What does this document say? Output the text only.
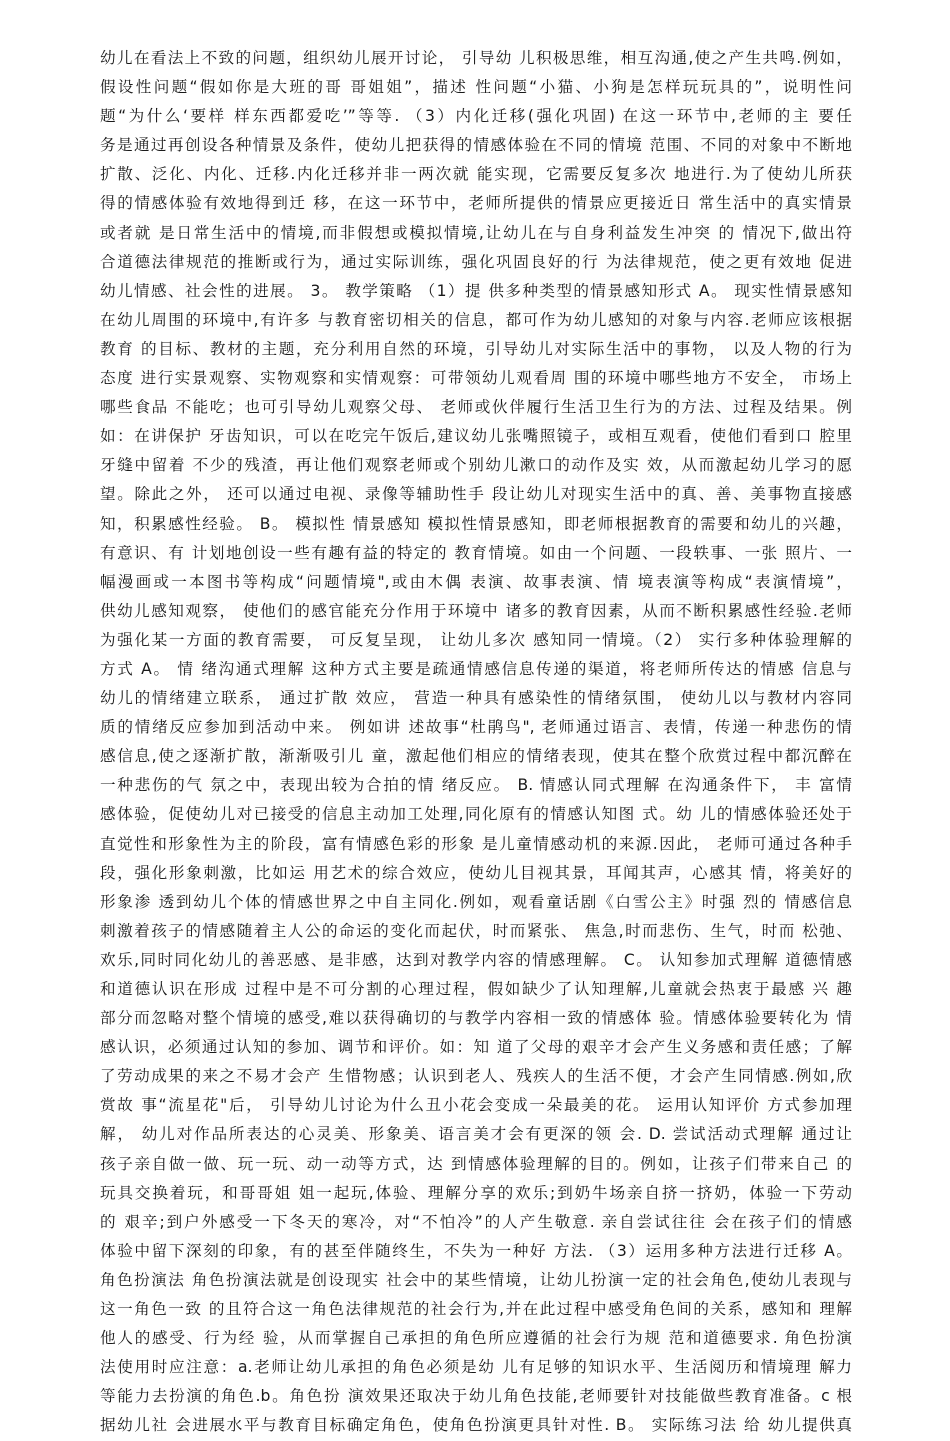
幼儿在看法上不致的问题，组织幼儿展开讨论， 引导幼 儿积极思维，相互沟通,使之产生共鸣.例如，
假设性问题“假如你是大班的哥 哥姐姐”，描述 性问题“小猫、小狗是怎样玩玩具的”，说明性问
题“为什么‘要样 样东西都爱吃’”等等. （3）内化迁移(强化巩固) 在这一环节中,老师的主 要任
务是通过再创设各种情景及条件，使幼儿把获得的情感体验在不同的情境 范围、不同的对象中不断地
扩散、泛化、内化、迁移.内化迁移并非一两次就 能实现，它需要反复多次 地进行.为了使幼儿所获
得的情感体验有效地得到迁 移，在这一环节中，老师所提供的情景应更接近日 常生活中的真实情景
或者就 是日常生活中的情境,而非假想或模拟情境,让幼儿在与自身利益发生冲突 的 情况下,做出符
合道德法律规范的推断或行为，通过实际训练，强化巩固良好的行 为法律规范，使之更有效地 促进
幼儿情感、社会性的进展。 3。 教学策略 （1）提 供多种类型的情景感知形式 A。 现实性情景感知
在幼儿周围的环境中,有许多 与教育密切相关的信息，都可作为幼儿感知的对象与内容.老师应该根据
教育 的目标、教材的主题，充分利用自然的环境，引导幼儿对实际生活中的事物， 以及人物的行为
态度 进行实景观察、实物观察和实情观察：可带领幼儿观看周 围的环境中哪些地方不安全， 市场上
哪些食品 不能吃；也可引导幼儿观察父母、 老师或伙伴履行生活卫生行为的方法、过程及结果。例
如：在讲保护 牙齿知识，可以在吃完午饭后,建议幼儿张嘴照镜子，或相互观看，使他们看到口 腔里
牙缝中留着 不少的残渣，再让他们观察老师或个别幼儿漱口的动作及实 效，从而激起幼儿学习的愿
望。除此之外， 还可以通过电视、录像等辅助性手 段让幼儿对现实生活中的真、善、美事物直接感
知，积累感性经验。 B。 模拟性 情景感知 模拟性情景感知，即老师根据教育的需要和幼儿的兴趣，
有意识、有 计划地创设一些有趣有益的特定的 教育情境。如由一个问题、一段轶事、一张 照片、一
幅漫画或一本图书等构成“问题情境",或由木偶 表演、故事表演、情 境表演等构成“表演情境”，
供幼儿感知观察， 使他们的感官能充分作用于环境中 诸多的教育因素，从而不断积累感性经验.老师
为强化某一方面的教育需要， 可反复呈现， 让幼儿多次 感知同一情境。（2） 实行多种体验理解的
方式 A。 情 绪沟通式理解 这种方式主要是疏通情感信息传递的渠道，将老师所传达的情感 信息与
幼儿的情绪建立联系， 通过扩散 效应， 营造一种具有感染性的情绪氛围， 使幼儿以与教材内容同
质的情绪反应参加到活动中来。 例如讲 述故事“杜鹃鸟", 老师通过语言、表情，传递一种悲伤的情
感信息,使之逐渐扩散，渐渐吸引儿 童，激起他们相应的情绪表现，使其在整个欣赏过程中都沉醉在
一种悲伤的气 氛之中，表现出较为合拍的情 绪反应。 B. 情感认同式理解 在沟通条件下， 丰 富情
感体验，促使幼儿对已接受的信息主动加工处理,同化原有的情感认知图 式。幼 儿的情感体验还处于
直觉性和形象性为主的阶段，富有情感色彩的形象 是儿童情感动机的来源.因此， 老师可通过各种手
段，强化形象刺激，比如运 用艺术的综合效应，使幼儿目视其景，耳闻其声，心感其 情，将美好的
形象渗 透到幼儿个体的情感世界之中自主同化.例如，观看童话剧《白雪公主》时强 烈的 情感信息
刺激着孩子的情感随着主人公的命运的变化而起伏，时而紧张、 焦急,时而悲伤、生气，时而 松弛、
欢乐,同时同化幼儿的善恶感、是非感，达到对教学内容的情感理解。 C。 认知参加式理解 道德情感
和道德认识在形成 过程中是不可分割的心理过程，假如缺少了认知理解,儿童就会热衷于最感 兴 趣
部分而忽略对整个情境的感受,难以获得确切的与教学内容相一致的情感体 验。情感体验要转化为 情
感认识，必须通过认知的参加、调节和评价。如：知 道了父母的艰辛才会产生义务感和责任感；了解
了劳动成果的来之不易才会产 生惜物感；认识到老人、残疾人的生活不便，才会产生同情感.例如,欣
赏故 事“流星花"后， 引导幼儿讨论为什么丑小花会变成一朵最美的花。 运用认知评价 方式参加理
解， 幼儿对作品所表达的心灵美、形象美、语言美才会有更深的领 会. D. 尝试活动式理解 通过让
孩子亲自做一做、玩一玩、动一动等方式，达 到情感体验理解的目的。例如，让孩子们带来自己 的
玩具交换着玩，和哥哥姐 姐一起玩,体验、理解分享的欢乐;到奶牛场亲自挤一挤奶，体验一下劳动
的 艰辛;到户外感受一下冬天的寒冷，对“不怕冷”的人产生敬意. 亲自尝试往往 会在孩子们的情感
体验中留下深刻的印象，有的甚至伴随终生，不失为一种好 方法. （3）运用多种方法进行迁移 A。
角色扮演法 角色扮演法就是创设现实 社会中的某些情境，让幼儿扮演一定的社会角色,使幼儿表现与
这一角色一致 的且符合这一角色法律规范的社会行为,并在此过程中感受角色间的关系，感知和 理解
他人的感受、行为经 验，从而掌握自己承担的角色所应遵循的社会行为规 范和道德要求. 角色扮演
法使用时应注意：a.老师让幼儿承担的角色必须是幼 儿有足够的知识水平、生活阅历和情境理 解力
等能力去扮演的角色.b。角色扮 演效果还取决于幼儿角色技能,老师要针对技能做些教育准备。c 根
据幼儿社 会进展水平与教育目标确定角色，使角色扮演更具针对性. B。 实际练习法 给 幼儿提供真
